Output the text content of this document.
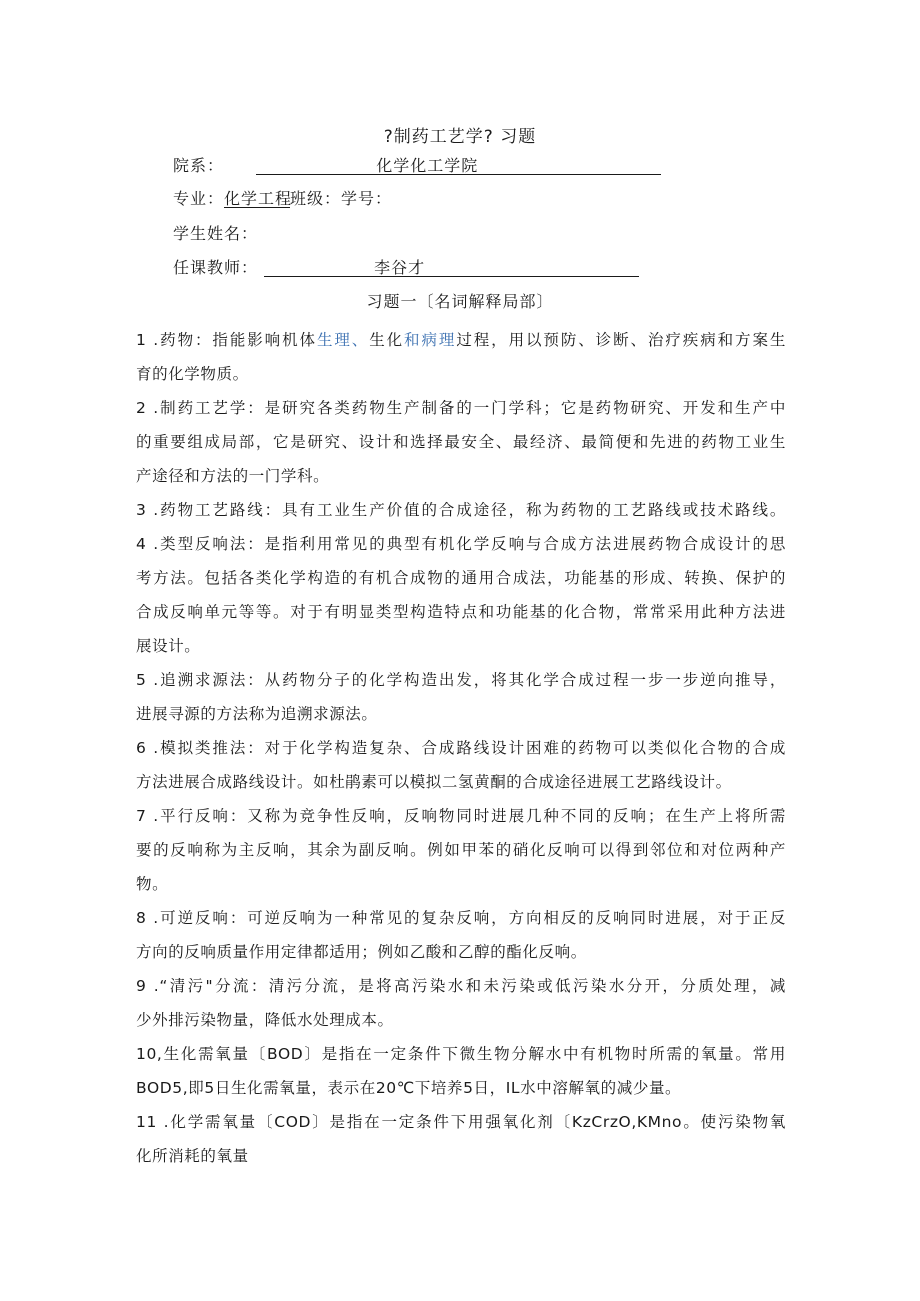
?制药工艺学? 习题
院系：	化学化工学院
专业：化学工程班级：学号：
学生姓名：
任课教师：	李谷才
习题一〔名词解释局部〕
1 .药物：指能影响机体生理、生化和病理过程，用以预防、诊断、治疗疾病和方案生
育的化学物质。
2 .制药工艺学：是研究各类药物生产制备的一门学科；它是药物研究、开发和生产中
的重要组成局部，它是研究、设计和选择最安全、最经济、最简便和先进的药物工业生
产途径和方法的一门学科。
3 .药物工艺路线：具有工业生产价值的合成途径，称为药物的工艺路线或技术路线。
4 .类型反响法：是指利用常见的典型有机化学反响与合成方法进展药物合成设计的思
考方法。包括各类化学构造的有机合成物的通用合成法，功能基的形成、转换、保护的
合成反响单元等等。对于有明显类型构造特点和功能基的化合物，常常采用此种方法进
展设计。
5 .追溯求源法：从药物分子的化学构造出发，将其化学合成过程一步一步逆向推导，
进展寻源的方法称为追溯求源法。
6 .模拟类推法：对于化学构造复杂、合成路线设计困难的药物可以类似化合物的合成
方法进展合成路线设计。如杜鹃素可以模拟二氢黄酮的合成途径进展工艺路线设计。
7 .平行反响：又称为竞争性反响，反响物同时进展几种不同的反响；在生产上将所需
要的反响称为主反响，其余为副反响。例如甲苯的硝化反响可以得到邻位和对位两种产
物。
8 .可逆反响：可逆反响为一种常见的复杂反响，方向相反的反响同时进展，对于正反
方向的反响质量作用定律都适用；例如乙酸和乙醇的酯化反响。
9 .“清污"分流：清污分流，是将高污染水和未污染或低污染水分开，分质处理，减
少外排污染物量，降低水处理成本。
10,生化需氧量〔BOD〕是指在一定条件下微生物分解水中有机物时所需的氧量。常用
BOD5,即5日生化需氧量，表示在20℃下培养5日，IL水中溶解氧的减少量。
11 .化学需氧量〔COD〕是指在一定条件下用强氧化剂〔KzCrzO,KMno。使污染物氧
化所消耗的氧量
